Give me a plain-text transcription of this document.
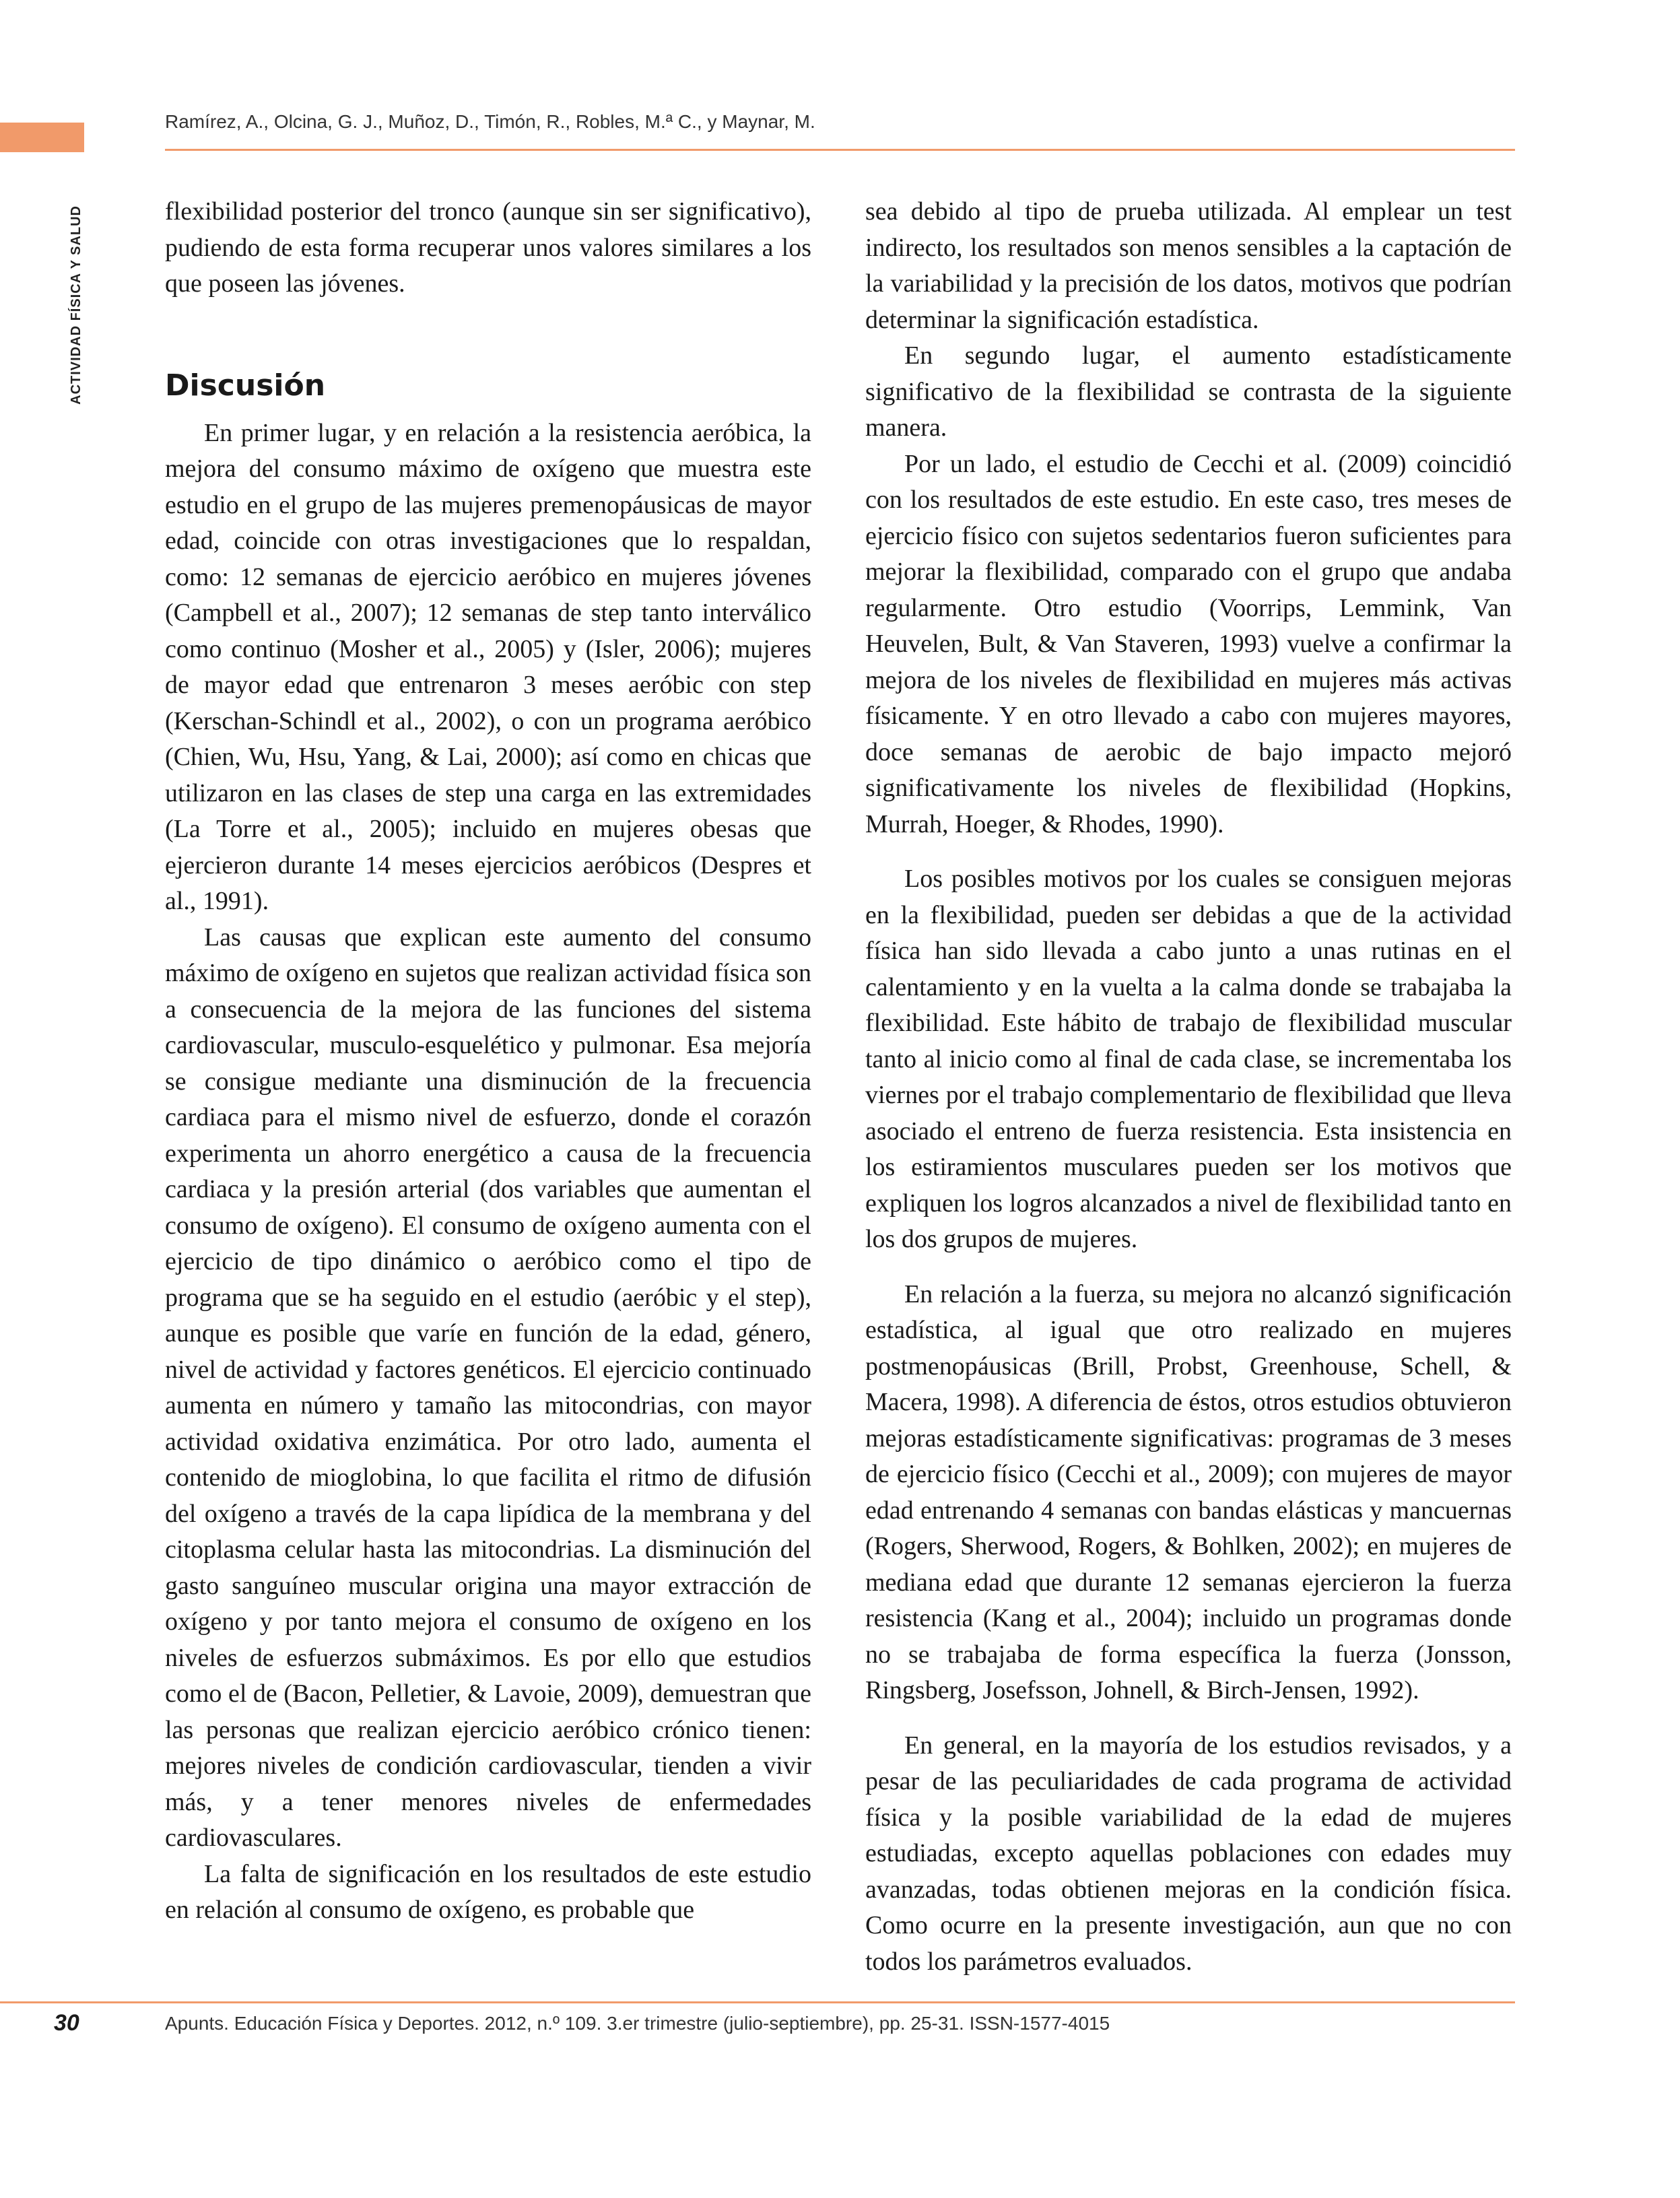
Ramírez, A., Olcina, G. J., Muñoz, D., Timón, R., Robles, M.ª C., y Maynar, M.
ACTIVIDAD FÍSICA Y SALUD	flexibilidad posterior del tronco (aunque sin ser significativo), pudiendo de esta forma recuperar unos valores similares a los que poseen las jóvenes.

Discusión

En primer lugar, y en relación a la resistencia aeróbica, la mejora del consumo máximo de oxígeno que muestra este estudio en el grupo de las mujeres premenopáusicas de mayor edad, coincide con otras investigaciones que lo respaldan, como: 12 semanas de ejercicio aeróbico en mujeres jóvenes (Campbell et al., 2007); 12 semanas de step tanto interválico como continuo (Mosher et al., 2005) y (Isler, 2006); mujeres de mayor edad que entrenaron 3 meses aeróbic con step (Kerschan-Schindl et al., 2002), o con un programa aeróbico (Chien, Wu, Hsu, Yang, & Lai, 2000); así como en chicas que utilizaron en las clases de step una carga en las extremidades (La Torre et al., 2005); incluido en mujeres obesas que ejercieron durante 14 meses ejercicios aeróbicos (Despres et al., 1991).

Las causas que explican este aumento del consumo máximo de oxígeno en sujetos que realizan actividad física son a consecuencia de la mejora de las funciones del sistema cardiovascular, musculo-esquelético y pulmonar. Esa mejoría se consigue mediante una disminución de la frecuencia cardiaca para el mismo nivel de esfuerzo, donde el corazón experimenta un ahorro energético a causa de la frecuencia cardiaca y la presión arterial (dos variables que aumentan el consumo de oxígeno). El consumo de oxígeno aumenta con el ejercicio de tipo dinámico o aeróbico como el tipo de programa que se ha seguido en el estudio (aeróbic y el step), aunque es posible que varíe en función de la edad, género, nivel de actividad y factores genéticos. El ejercicio continuado aumenta en número y tamaño las mitocondrias, con mayor actividad oxidativa enzimática. Por otro lado, aumenta el contenido de mioglobina, lo que facilita el ritmo de difusión del oxígeno a través de la capa lipídica de la membrana y del citoplasma celular hasta las mitocondrias. La disminución del gasto sanguíneo muscular origina una mayor extracción de oxígeno y por tanto mejora el consumo de oxígeno en los niveles de esfuerzos submáximos. Es por ello que estudios como el de (Bacon, Pelletier, & Lavoie, 2009), demuestran que las personas que realizan ejercicio aeróbico crónico tienen: mejores niveles de condición cardiovascular, tienden a vivir más, y a tener menores niveles de enfermedades cardiovasculares.

La falta de significación en los resultados de este estudio en relación al consumo de oxígeno, es probable que

sea debido al tipo de prueba utilizada. Al emplear un test indirecto, los resultados son menos sensibles a la captación de la variabilidad y la precisión de los datos, motivos que podrían determinar la significación estadística.

En segundo lugar, el aumento estadísticamente significativo de la flexibilidad se contrasta de la siguiente manera.

Por un lado, el estudio de Cecchi et al. (2009) coincidió con los resultados de este estudio. En este caso, tres meses de ejercicio físico con sujetos sedentarios fueron suficientes para mejorar la flexibilidad, comparado con el grupo que andaba regularmente. Otro estudio (Voorrips, Lemmink, Van Heuvelen, Bult, & Van Staveren, 1993) vuelve a confirmar la mejora de los niveles de flexibilidad en mujeres más activas físicamente. Y en otro llevado a cabo con mujeres mayores, doce semanas de aerobic de bajo impacto mejoró significativamente los niveles de flexibilidad (Hopkins, Murrah, Hoeger, & Rhodes, 1990).

Los posibles motivos por los cuales se consiguen mejoras en la flexibilidad, pueden ser debidas a que de la actividad física han sido llevada a cabo junto a unas rutinas en el calentamiento y en la vuelta a la calma donde se trabajaba la flexibilidad. Este hábito de trabajo de flexibilidad muscular tanto al inicio como al final de cada clase, se incrementaba los viernes por el trabajo complementario de flexibilidad que lleva asociado el entreno de fuerza resistencia. Esta insistencia en los estiramientos musculares pueden ser los motivos que expliquen los logros alcanzados a nivel de flexibilidad tanto en los dos grupos de mujeres.

En relación a la fuerza, su mejora no alcanzó significación estadística, al igual que otro realizado en mujeres postmenopáusicas (Brill, Probst, Greenhouse, Schell, & Macera, 1998). A diferencia de éstos, otros estudios obtuvieron mejoras estadísticamente significativas: programas de 3 meses de ejercicio físico (Cecchi et al., 2009); con mujeres de mayor edad entrenando 4 semanas con bandas elásticas y mancuernas (Rogers, Sherwood, Rogers, & Bohlken, 2002); en mujeres de mediana edad que durante 12 semanas ejercieron la fuerza resistencia (Kang et al., 2004); incluido un programas donde no se trabajaba de forma específica la fuerza (Jonsson, Ringsberg, Josefsson, Johnell, & Birch-Jensen, 1992).

En general, en la mayoría de los estudios revisados, y a pesar de las peculiaridades de cada programa de actividad física y la posible variabilidad de la edad de mujeres estudiadas, excepto aquellas poblaciones con edades muy avanzadas, todas obtienen mejoras en la condición física. Como ocurre en la presente investigación, aun que no con todos los parámetros evaluados.

30	Apunts. Educación Física y Deportes. 2012, n.º 109. 3.er trimestre (julio-septiembre), pp. 25-31. ISSN-1577-4015
